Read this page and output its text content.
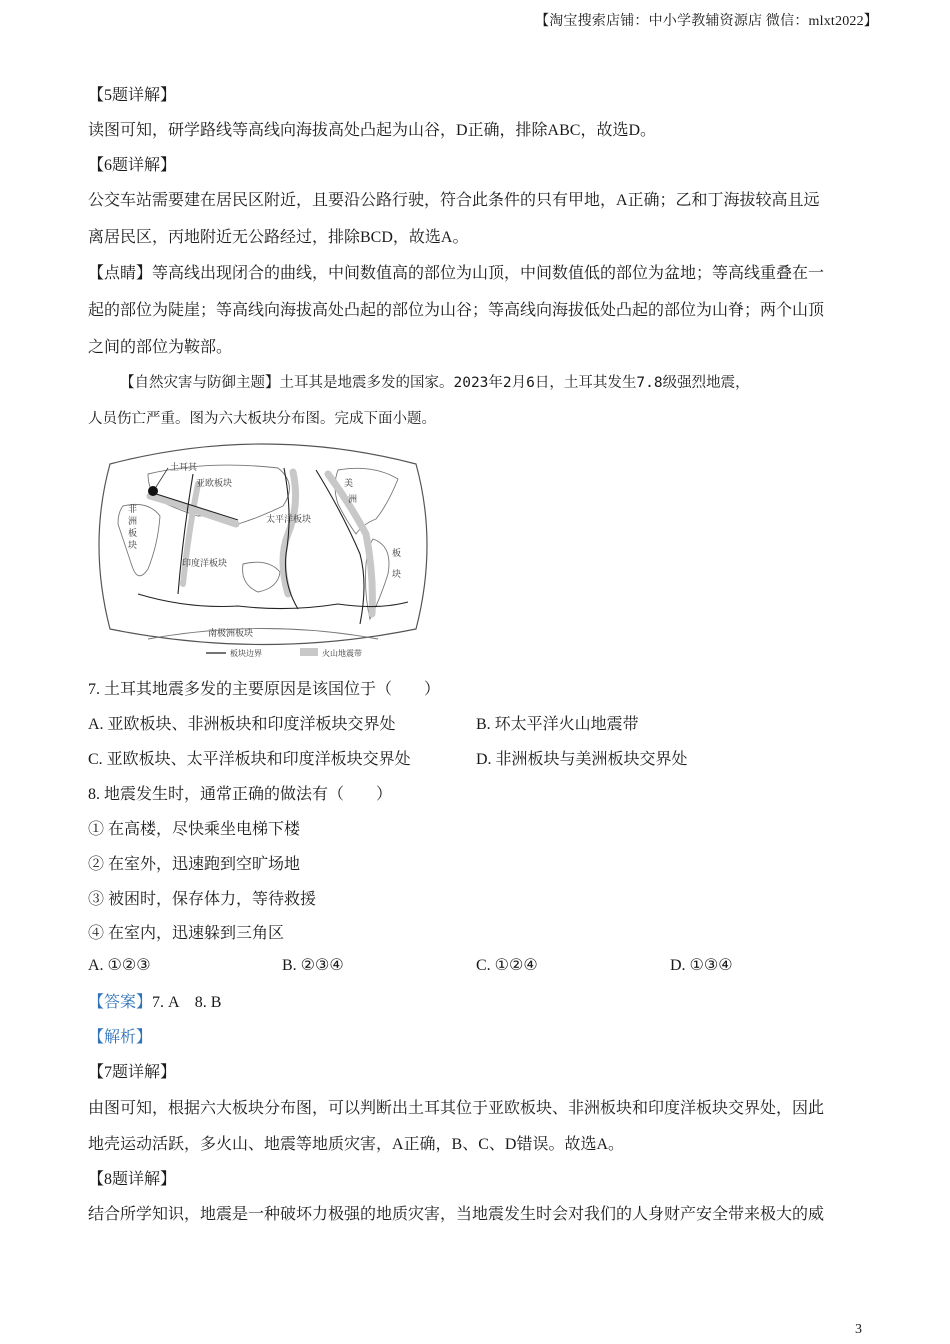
【淘宝搜索店铺：中小学教辅资源店 微信：mlxt2022】
【5题详解】
读图可知，研学路线等高线向海拔高处凸起为山谷，D正确，排除ABC，故选D。
【6题详解】
公交车站需要建在居民区附近，且要沿公路行驶，符合此条件的只有甲地，A正确；乙和丁海拔较高且远
离居民区，丙地附近无公路经过，排除BCD，故选A。
【点睛】等高线出现闭合的曲线，中间数值高的部位为山顶，中间数值低的部位为盆地；等高线重叠在一
起的部位为陡崖；等高线向海拔高处凸起的部位为山谷；等高线向海拔低处凸起的部位为山脊；两个山顶
之间的部位为鞍部。
【自然灾害与防御主题】土耳其是地震多发的国家。2023年2月6日，土耳其发生7.8级强烈地震，
人员伤亡严重。图为六大板块分布图。完成下面小题。
土耳其
亚欧板块
太平洋板块
印度洋板块
南极洲板块
非
洲
板
块
美
洲
板
块
板块边界	火山地震带
7. 土耳其地震多发的主要原因是该国位于（　　）
A. 亚欧板块、非洲板块和印度洋板块交界处	B. 环太平洋火山地震带
C. 亚欧板块、太平洋板块和印度洋板块交界处	D. 非洲板块与美洲板块交界处
8. 地震发生时，通常正确的做法有（　　）
① 在高楼，尽快乘坐电梯下楼
② 在室外，迅速跑到空旷场地
③ 被困时，保存体力，等待救援
④ 在室内，迅速躲到三角区
A. ①②③	B. ②③④	C. ①②④	D. ①③④
【答案】7. A　8. B
【解析】
【7题详解】
由图可知，根据六大板块分布图，可以判断出土耳其位于亚欧板块、非洲板块和印度洋板块交界处，因此
地壳运动活跃，多火山、地震等地质灾害，A正确，B、C、D错误。故选A。
【8题详解】
结合所学知识，地震是一种破坏力极强的地质灾害，当地震发生时会对我们的人身财产安全带来极大的威
3
